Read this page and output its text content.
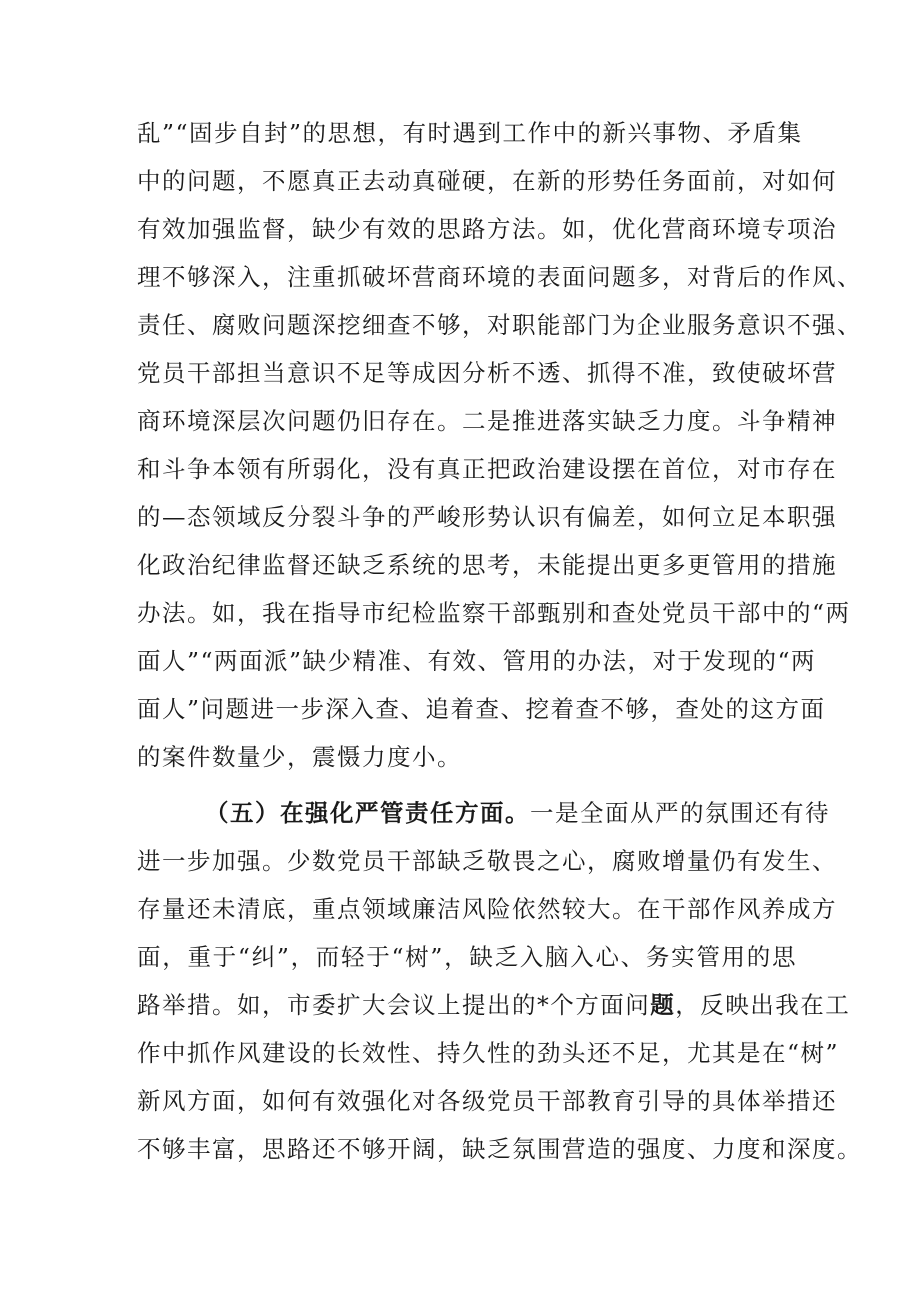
乱”“固步自封”的思想，有时遇到工作中的新兴事物、矛盾集
中的问题，不愿真正去动真碰硬，在新的形势任务面前，对如何
有效加强监督，缺少有效的思路方法。如，优化营商环境专项治
理不够深入，注重抓破坏营商环境的表面问题多，对背后的作风、
责任、腐败问题深挖细查不够，对职能部门为企业服务意识不强、
党员干部担当意识不足等成因分析不透、抓得不准，致使破坏营
商环境深层次问题仍旧存在。二是推进落实缺乏力度。斗争精神
和斗争本领有所弱化，没有真正把政治建设摆在首位，对市存在
的—态领域反分裂斗争的严峻形势认识有偏差，如何立足本职强
化政治纪律监督还缺乏系统的思考，未能提出更多更管用的措施
办法。如，我在指导市纪检监察干部甄别和查处党员干部中的“两
面人”“两面派”缺少精准、有效、管用的办法，对于发现的“两
面人”问题进一步深入查、追着查、挖着查不够，查处的这方面
的案件数量少，震慑力度小。
（五）在强化严管责任方面。一是全面从严的氛围还有待
进一步加强。少数党员干部缺乏敬畏之心，腐败增量仍有发生、
存量还未清底，重点领域廉洁风险依然较大。在干部作风养成方
面，重于“纠”，而轻于“树”，缺乏入脑入心、务实管用的思
路举措。如，市委扩大会议上提出的*个方面问题，反映出我在工
作中抓作风建设的长效性、持久性的劲头还不足，尤其是在“树”
新风方面，如何有效强化对各级党员干部教育引导的具体举措还
不够丰富，思路还不够开阔，缺乏氛围营造的强度、力度和深度。
